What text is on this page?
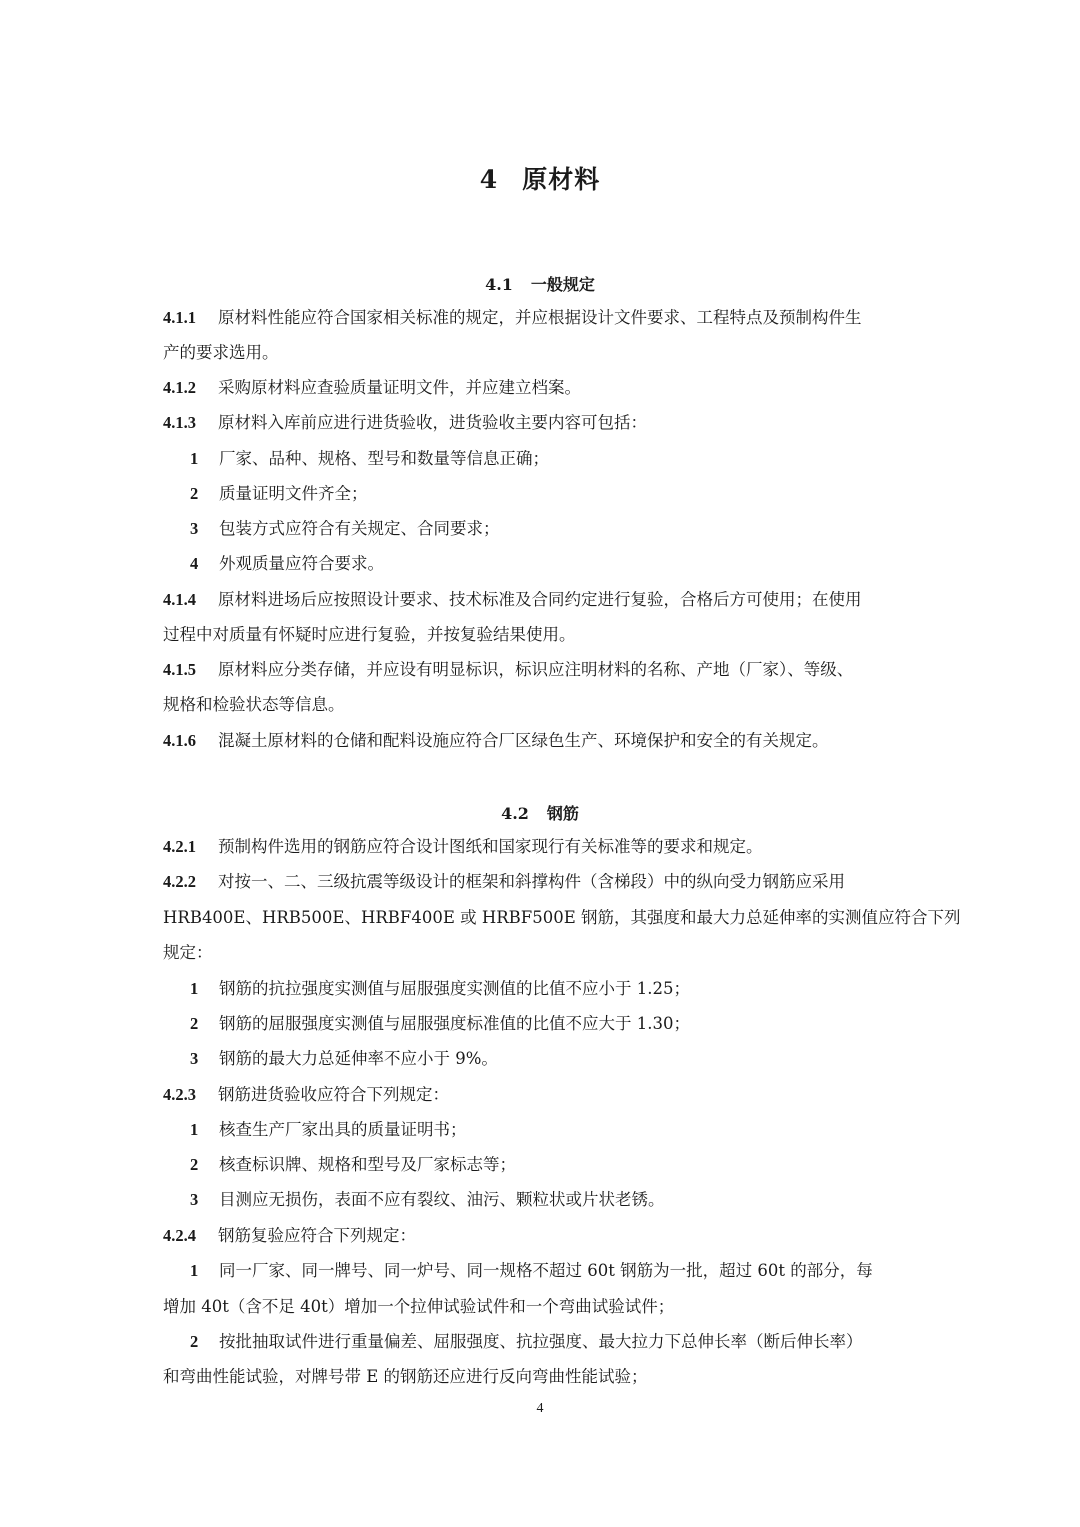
4 原材料
4.1 一般规定
4.1.1 原材料性能应符合国家相关标准的规定，并应根据设计文件要求、工程特点及预制构件生
产的要求选用。
4.1.2 采购原材料应查验质量证明文件，并应建立档案。
4.1.3 原材料入库前应进行进货验收，进货验收主要内容可包括：
1 厂家、品种、规格、型号和数量等信息正确；
2 质量证明文件齐全；
3 包装方式应符合有关规定、合同要求；
4 外观质量应符合要求。
4.1.4 原材料进场后应按照设计要求、技术标准及合同约定进行复验，合格后方可使用；在使用
过程中对质量有怀疑时应进行复验，并按复验结果使用。
4.1.5 原材料应分类存储，并应设有明显标识，标识应注明材料的名称、产地（厂家）、等级、
规格和检验状态等信息。
4.1.6 混凝土原材料的仓储和配料设施应符合厂区绿色生产、环境保护和安全的有关规定。
4.2 钢筋
4.2.1 预制构件选用的钢筋应符合设计图纸和国家现行有关标准等的要求和规定。
4.2.2 对按一、二、三级抗震等级设计的框架和斜撑构件（含梯段）中的纵向受力钢筋应采用
HRB400E、HRB500E、HRBF400E 或 HRBF500E 钢筋，其强度和最大力总延伸率的实测值应符合下列
规定：
1 钢筋的抗拉强度实测值与屈服强度实测值的比值不应小于 1.25；
2 钢筋的屈服强度实测值与屈服强度标准值的比值不应大于 1.30；
3 钢筋的最大力总延伸率不应小于 9%。
4.2.3 钢筋进货验收应符合下列规定：
1 核查生产厂家出具的质量证明书；
2 核查标识牌、规格和型号及厂家标志等；
3 目测应无损伤，表面不应有裂纹、油污、颗粒状或片状老锈。
4.2.4 钢筋复验应符合下列规定：
1 同一厂家、同一牌号、同一炉号、同一规格不超过 60t 钢筋为一批，超过 60t 的部分，每
增加 40t（含不足 40t）增加一个拉伸试验试件和一个弯曲试验试件；
2 按批抽取试件进行重量偏差、屈服强度、抗拉强度、最大拉力下总伸长率（断后伸长率）
和弯曲性能试验，对牌号带 E 的钢筋还应进行反向弯曲性能试验；
4
